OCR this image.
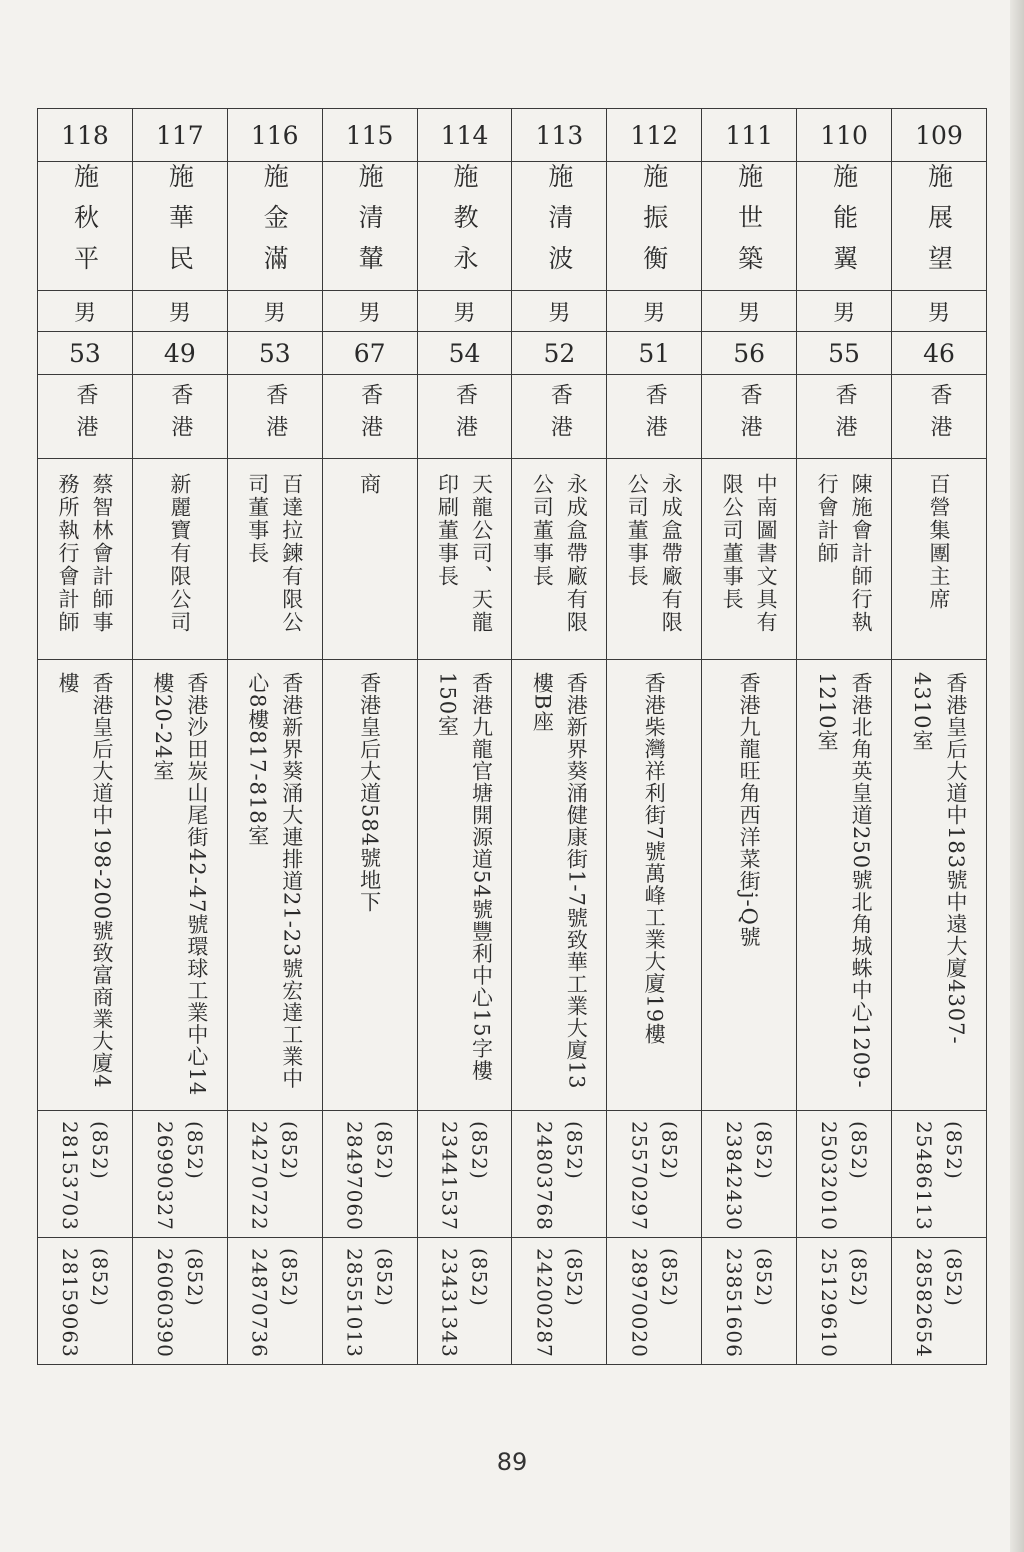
118	117	116	115	114	113	112	111	110	109
施秋平	施華民	施金滿	施清輦	施教永	施清波	施振衡	施世築	施能翼	施展望
男	男	男	男	男	男	男	男	男	男
53	49	53	67	54	52	51	56	55	46
香港	香港	香港	香港	香港	香港	香港	香港	香港	香港
蔡智林會計師事務所執行會計師	新麗寶有限公司	百達拉鍊有限公司董事長	商	天龍公司、天龍印刷董事長	永成盒帶廠有限公司董事長	永成盒帶廠有限公司董事長	中南圖書文具有限公司董事長	陳施會計師行執行會計師	百營集團主席
香港皇后大道中198-200號致富商業大廈4樓	香港沙田炭山尾街42-47號環球工業中心14樓20-24室	香港新界葵涌大連排道21-23號宏達工業中心8樓817-818室	香港皇后大道584號地下	香港九龍官塘開源道54號豐利中心15字樓150室	香港新界葵涌健康街1-7號致華工業大廈13樓B座	香港柴灣祥利街7號萬峰工業大廈19樓	香港九龍旺角西洋菜街j-Q號	香港北角英皇道250號北角城蛛中心1209-1210室	香港皇后大道中183號中遠大廈4307-4310室
(852) 28153703	(852) 26990327	(852) 24270722	(852) 28497060	(852) 23441537	(852) 24803768	(852) 25570297	(852) 23842430	(852) 25032010	(852) 25486113
(852) 28159063	(852) 26060390	(852) 24870736	(852) 28551013	(852) 23431343	(852) 24200287	(852) 28970020	(852) 23851606	(852) 25129610	(852) 28582654
89
